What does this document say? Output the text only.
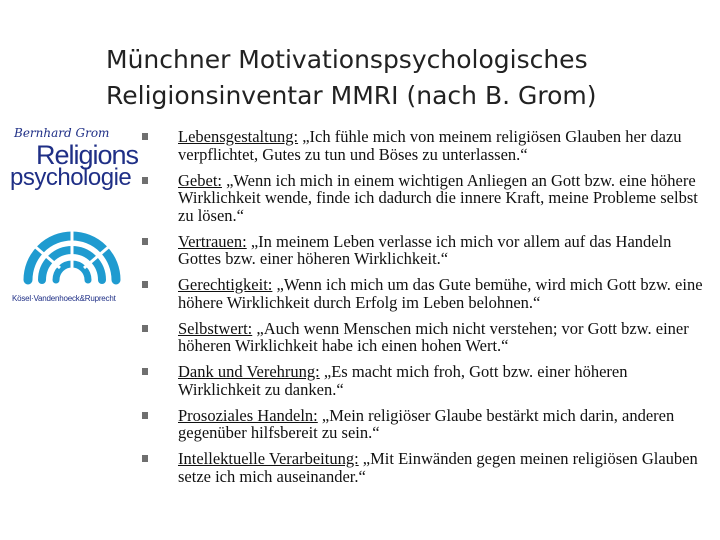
Münchner Motivationspsychologisches
Religionsinventar MMRI (nach B. Grom)
Bernhard Grom
Religions
psychologie
Kösel·Vandenhoeck&Ruprecht
Lebensgestaltung: „Ich fühle mich von meinem religiösen Glauben her dazu verpflichtet, Gutes zu tun und Böses zu unterlassen.“
Gebet: „Wenn ich mich in einem wichtigen Anliegen an Gott bzw. eine höhere Wirklichkeit wende, finde ich dadurch die innere Kraft, meine Probleme selbst zu lösen.“
Vertrauen: „In meinem Leben verlasse ich mich vor allem auf das Handeln Gottes bzw. einer höheren Wirklichkeit.“
Gerechtigkeit: „Wenn ich mich um das Gute bemühe, wird mich Gott bzw. eine höhere Wirklichkeit durch Erfolg im Leben belohnen.“
Selbstwert: „Auch wenn Menschen mich nicht verstehen; vor Gott bzw. einer höheren Wirklichkeit habe ich einen hohen Wert.“
Dank und Verehrung: „Es macht mich froh, Gott bzw. einer höheren Wirklichkeit zu danken.“
Prosoziales Handeln: „Mein religiöser Glaube bestärkt mich darin, anderen gegenüber hilfsbereit zu sein.“
Intellektuelle Verarbeitung: „Mit Einwänden gegen meinen religiösen Glauben setze ich mich auseinander.“
